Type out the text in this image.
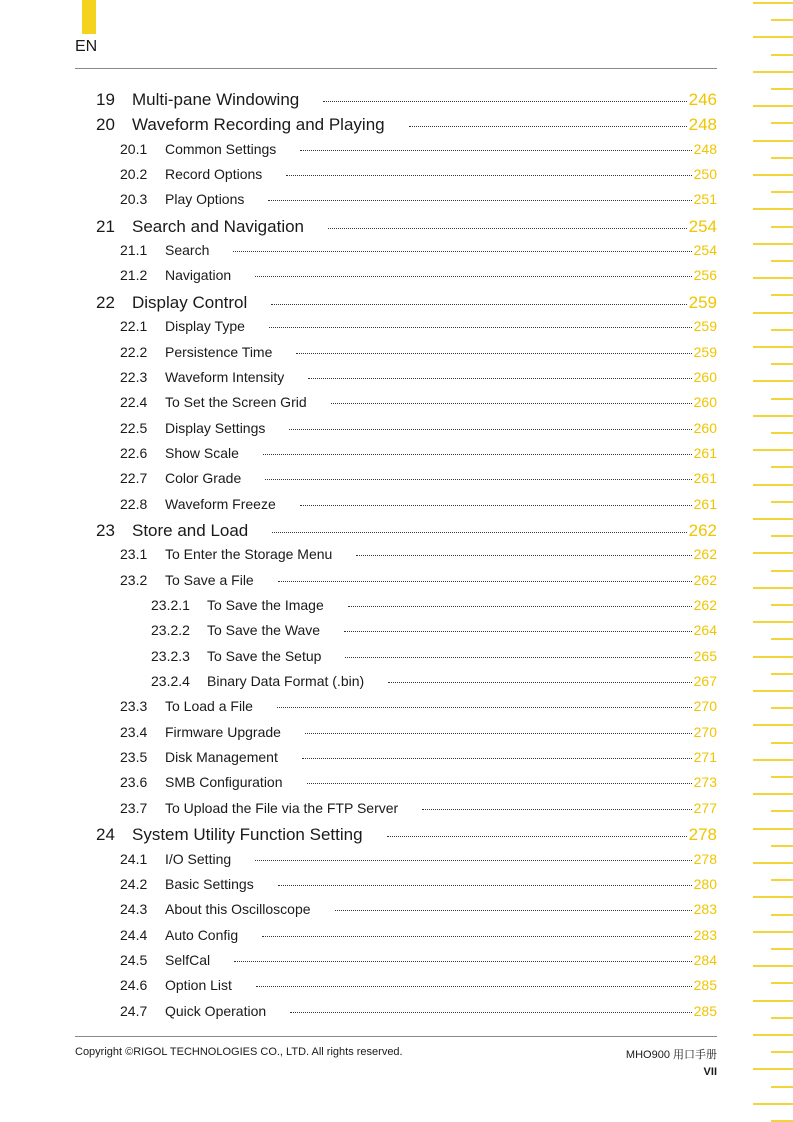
EN
19	Multi-pane Windowing	246
20	Waveform Recording and Playing	248
20.1	Common Settings	248
20.2	Record Options	250
20.3	Play Options	251
21	Search and Navigation	254
21.1	Search	254
21.2	Navigation	256
22	Display Control	259
22.1	Display Type	259
22.2	Persistence Time	259
22.3	Waveform Intensity	260
22.4	To Set the Screen Grid	260
22.5	Display Settings	260
22.6	Show Scale	261
22.7	Color Grade	261
22.8	Waveform Freeze	261
23	Store and Load	262
23.1	To Enter the Storage Menu	262
23.2	To Save a File	262
23.2.1	To Save the Image	262
23.2.2	To Save the Wave	264
23.2.3	To Save the Setup	265
23.2.4	Binary Data Format (.bin)	267
23.3	To Load a File	270
23.4	Firmware Upgrade	270
23.5	Disk Management	271
23.6	SMB Configuration	273
23.7	To Upload the File via the FTP Server	277
24	System Utility Function Setting	278
24.1	I/O Setting	278
24.2	Basic Settings	280
24.3	About this Oscilloscope	283
24.4	Auto Config	283
24.5	SelfCal	284
24.6	Option List	285
24.7	Quick Operation	285
Copyright ©RIGOL TECHNOLOGIES CO., LTD. All rights reserved.	MHO900 用口手册
VII
